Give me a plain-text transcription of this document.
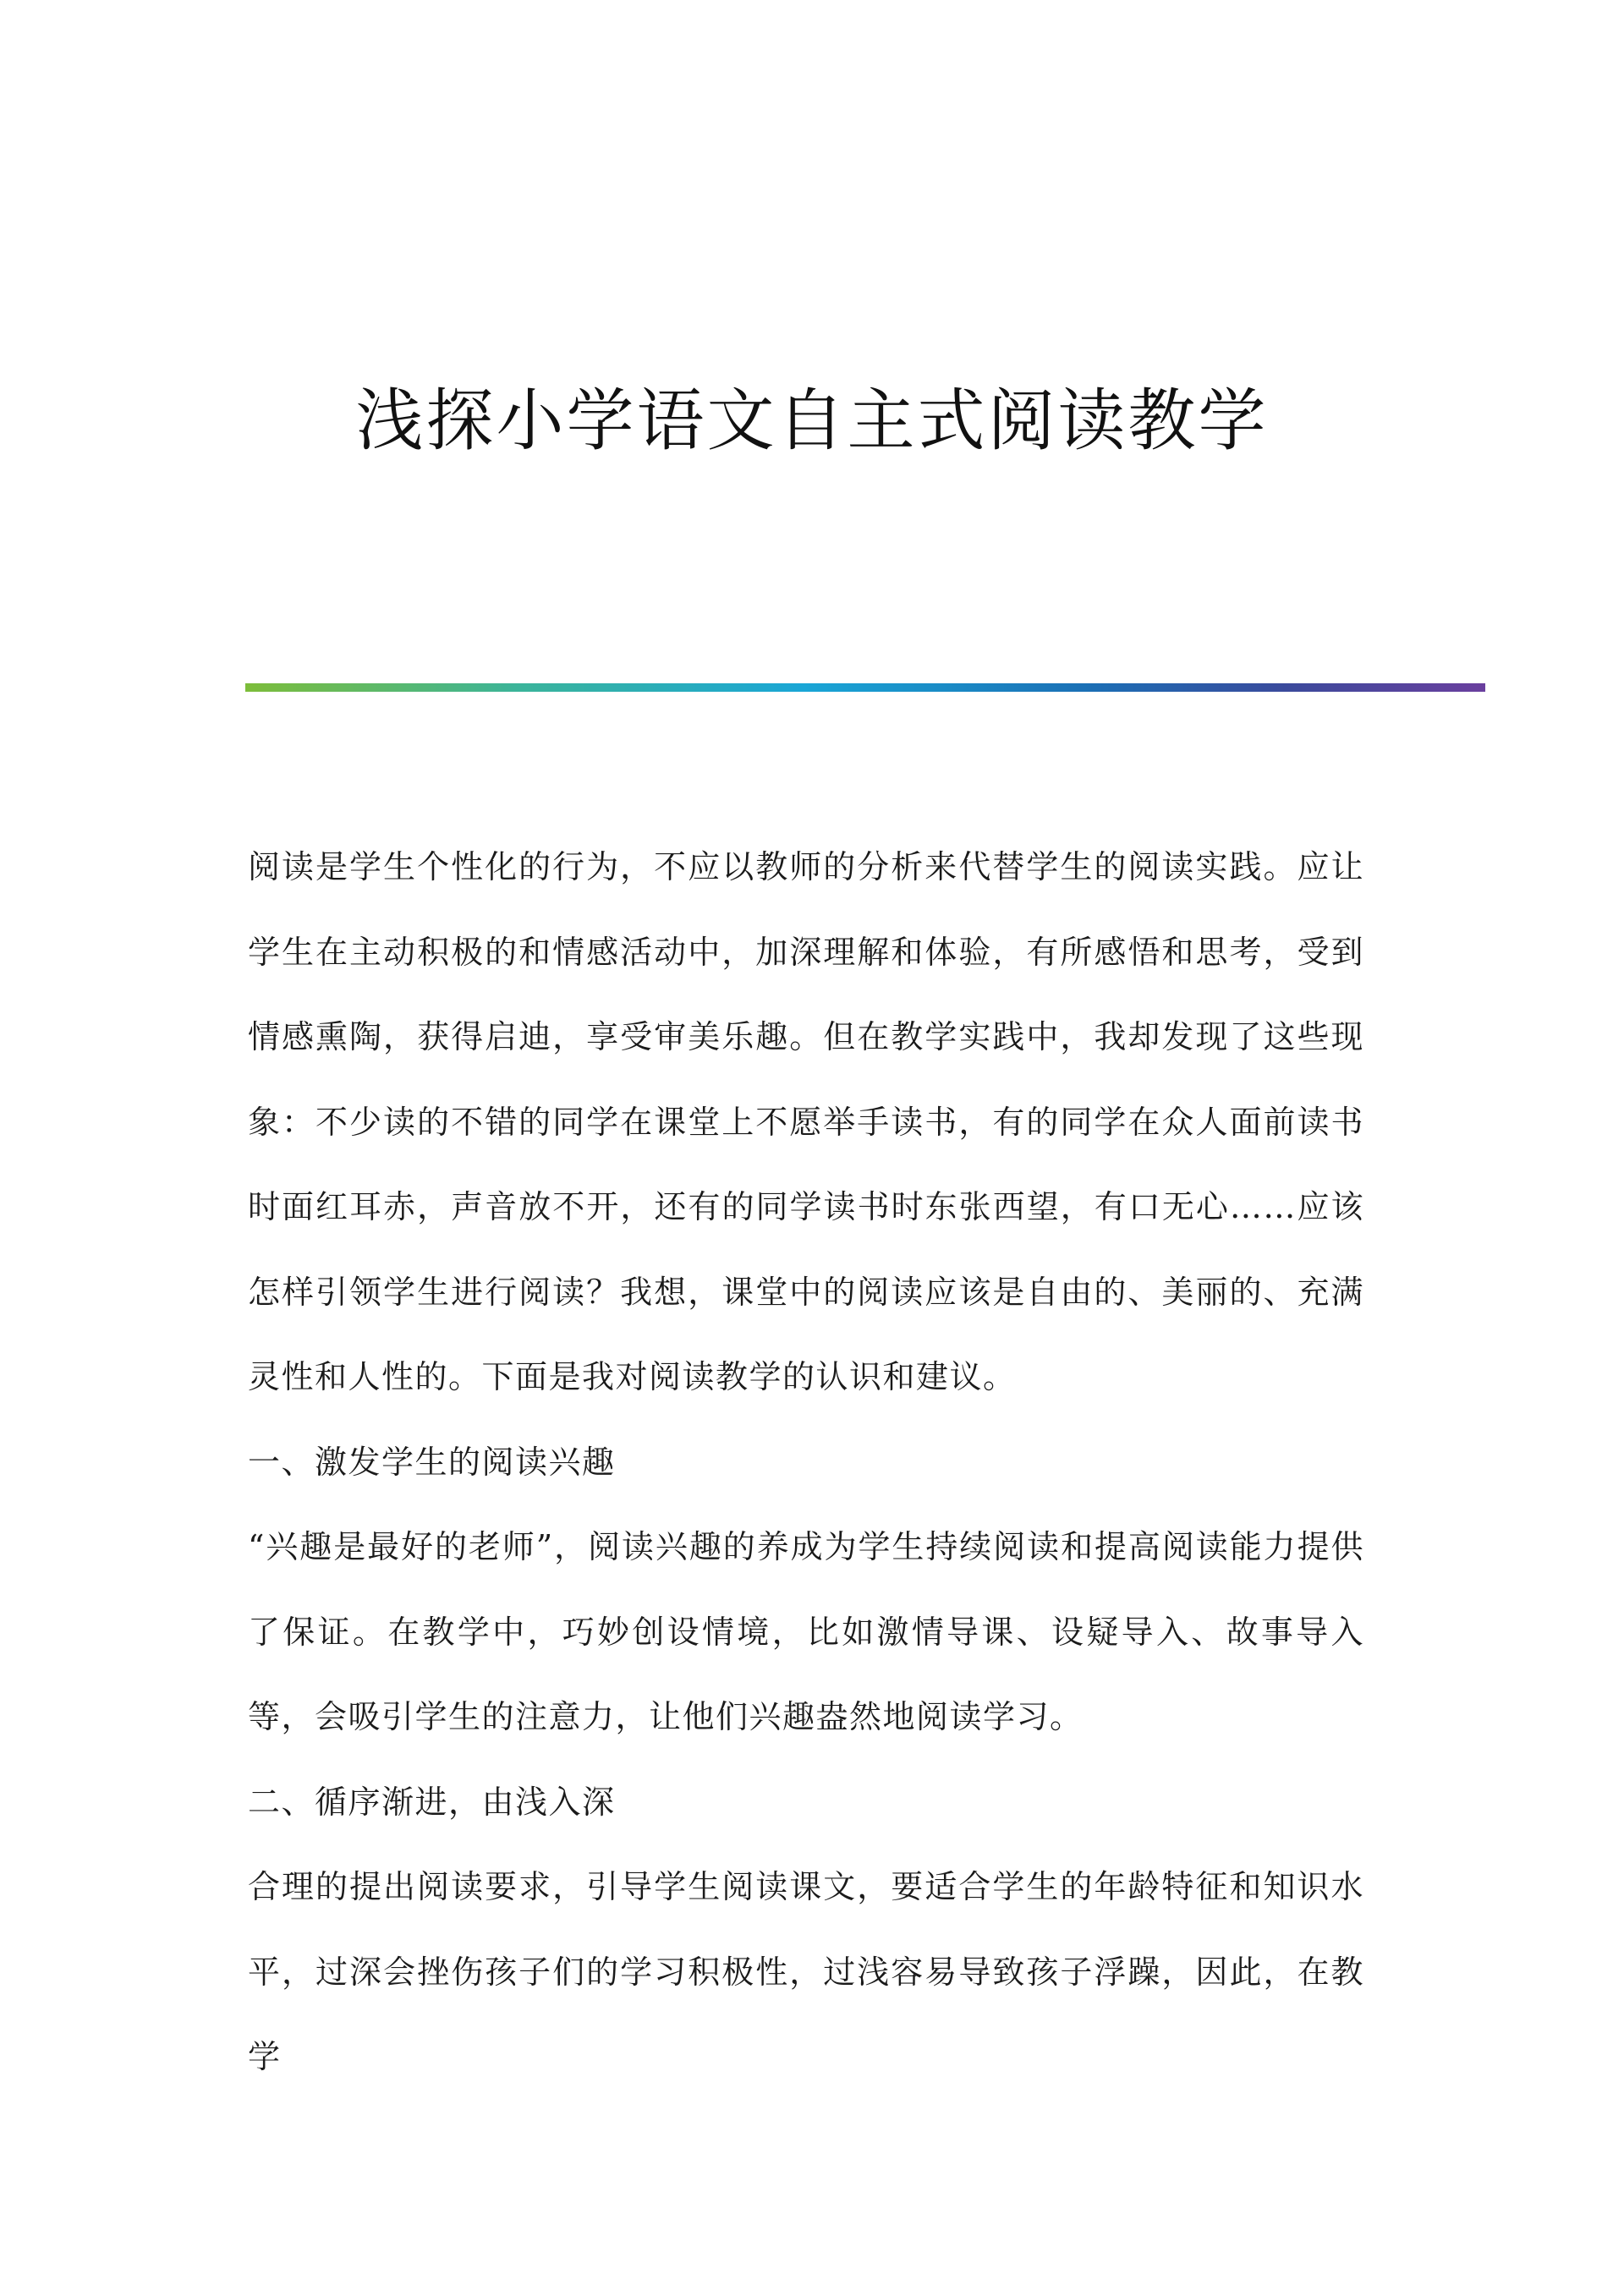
浅探小学语文自主式阅读教学

阅读是学生个性化的行为，不应以教师的分析来代替学生的阅读实践。应让学生在主动积极的和情感活动中，加深理解和体验，有所感悟和思考，受到情感熏陶，获得启迪，享受审美乐趣。但在教学实践中，我却发现了这些现象：不少读的不错的同学在课堂上不愿举手读书，有的同学在众人面前读书时面红耳赤，声音放不开，还有的同学读书时东张西望，有口无心……应该怎样引领学生进行阅读？我想，课堂中的阅读应该是自由的、美丽的、充满灵性和人性的。下面是我对阅读教学的认识和建议。

一、激发学生的阅读兴趣

“兴趣是最好的老师”，阅读兴趣的养成为学生持续阅读和提高阅读能力提供了保证。在教学中，巧妙创设情境，比如激情导课、设疑导入、故事导入等，会吸引学生的注意力，让他们兴趣盎然地阅读学习。

二、循序渐进，由浅入深

合理的提出阅读要求，引导学生阅读课文，要适合学生的年龄特征和知识水平，过深会挫伤孩子们的学习积极性，过浅容易导致孩子浮躁，因此，在教学
